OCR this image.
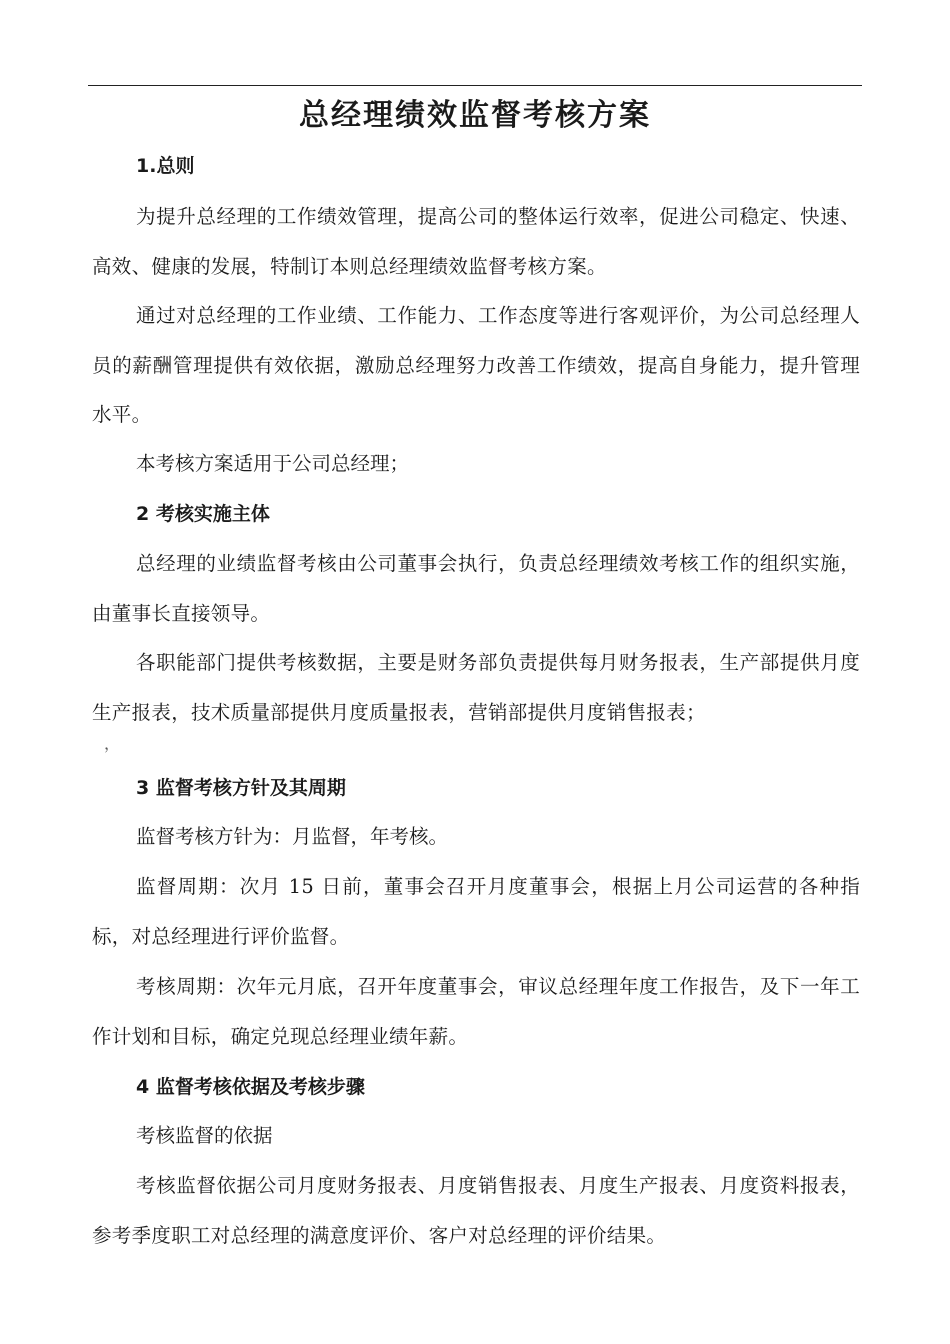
总经理绩效监督考核方案
1.总则
为提升总经理的工作绩效管理，提高公司的整体运行效率，促进公司稳定、快速、高效、健康的发展，特制订本则总经理绩效监督考核方案。
通过对总经理的工作业绩、工作能力、工作态度等进行客观评价，为公司总经理人员的薪酬管理提供有效依据，激励总经理努力改善工作绩效，提高自身能力，提升管理水平。
本考核方案适用于公司总经理；
2 考核实施主体
总经理的业绩监督考核由公司董事会执行，负责总经理绩效考核工作的组织实施，由董事长直接领导。
各职能部门提供考核数据，主要是财务部负责提供每月财务报表，生产部提供月度生产报表，技术质量部提供月度质量报表，营销部提供月度销售报表；
，
3 监督考核方针及其周期
监督考核方针为：月监督，年考核。
监督周期：次月 15 日前，董事会召开月度董事会，根据上月公司运营的各种指标，对总经理进行评价监督。
考核周期：次年元月底，召开年度董事会，审议总经理年度工作报告，及下一年工作计划和目标，确定兑现总经理业绩年薪。
4 监督考核依据及考核步骤
考核监督的依据
考核监督依据公司月度财务报表、月度销售报表、月度生产报表、月度资料报表，参考季度职工对总经理的满意度评价、客户对总经理的评价结果。
